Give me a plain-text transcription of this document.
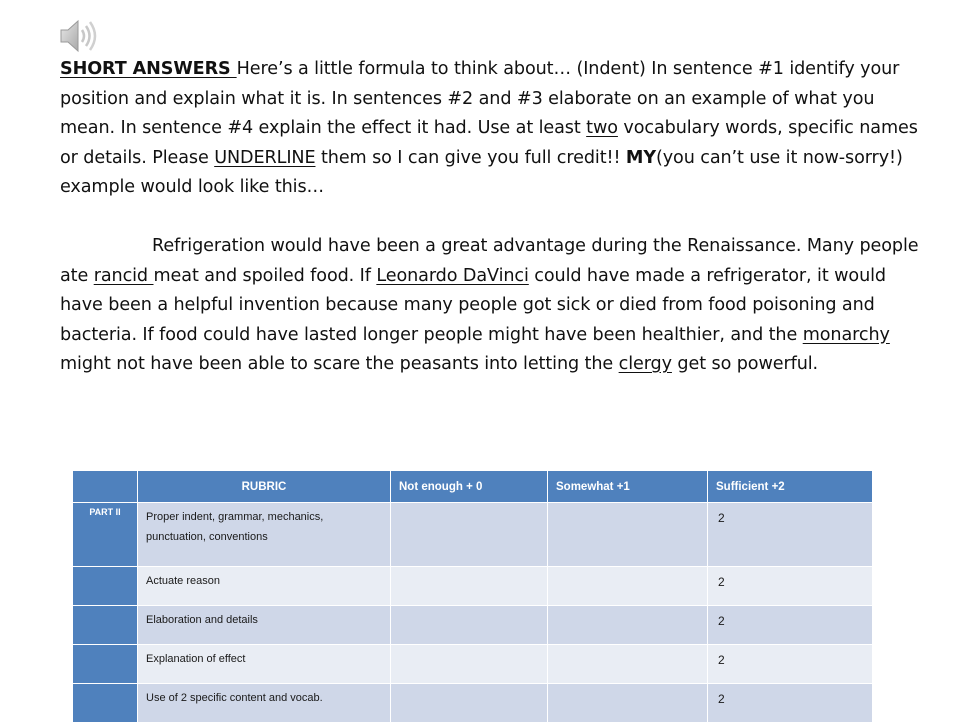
SHORT ANSWERS Here’s a little formula to think about… (Indent) In sentence #1 identify your position and explain what it is. In sentences #2 and #3 elaborate on an example of what you mean. In sentence #4 explain the effect it had. Use at least two vocabulary words, specific names or details. Please UNDERLINE them so I can give you full credit!! MY(you can’t use it now-sorry!) example would look like this…

Refrigeration would have been a great advantage during the Renaissance. Many people ate rancid meat and spoiled food. If Leonardo DaVinci could have made a refrigerator, it would have been a helpful invention because many people got sick or died from food poisoning and bacteria. If food could have lasted longer people might have been healthier, and the monarchy might not have been able to scare the peasants into letting the clergy get so powerful.

	RUBRIC	Not enough + 0	Somewhat +1	Sufficient +2
PART II	Proper indent, grammar, mechanics, punctuation, conventions			2
	Actuate reason			2
	Elaboration and details			2
	Explanation of effect			2
	Use of 2 specific content and vocab.			2
